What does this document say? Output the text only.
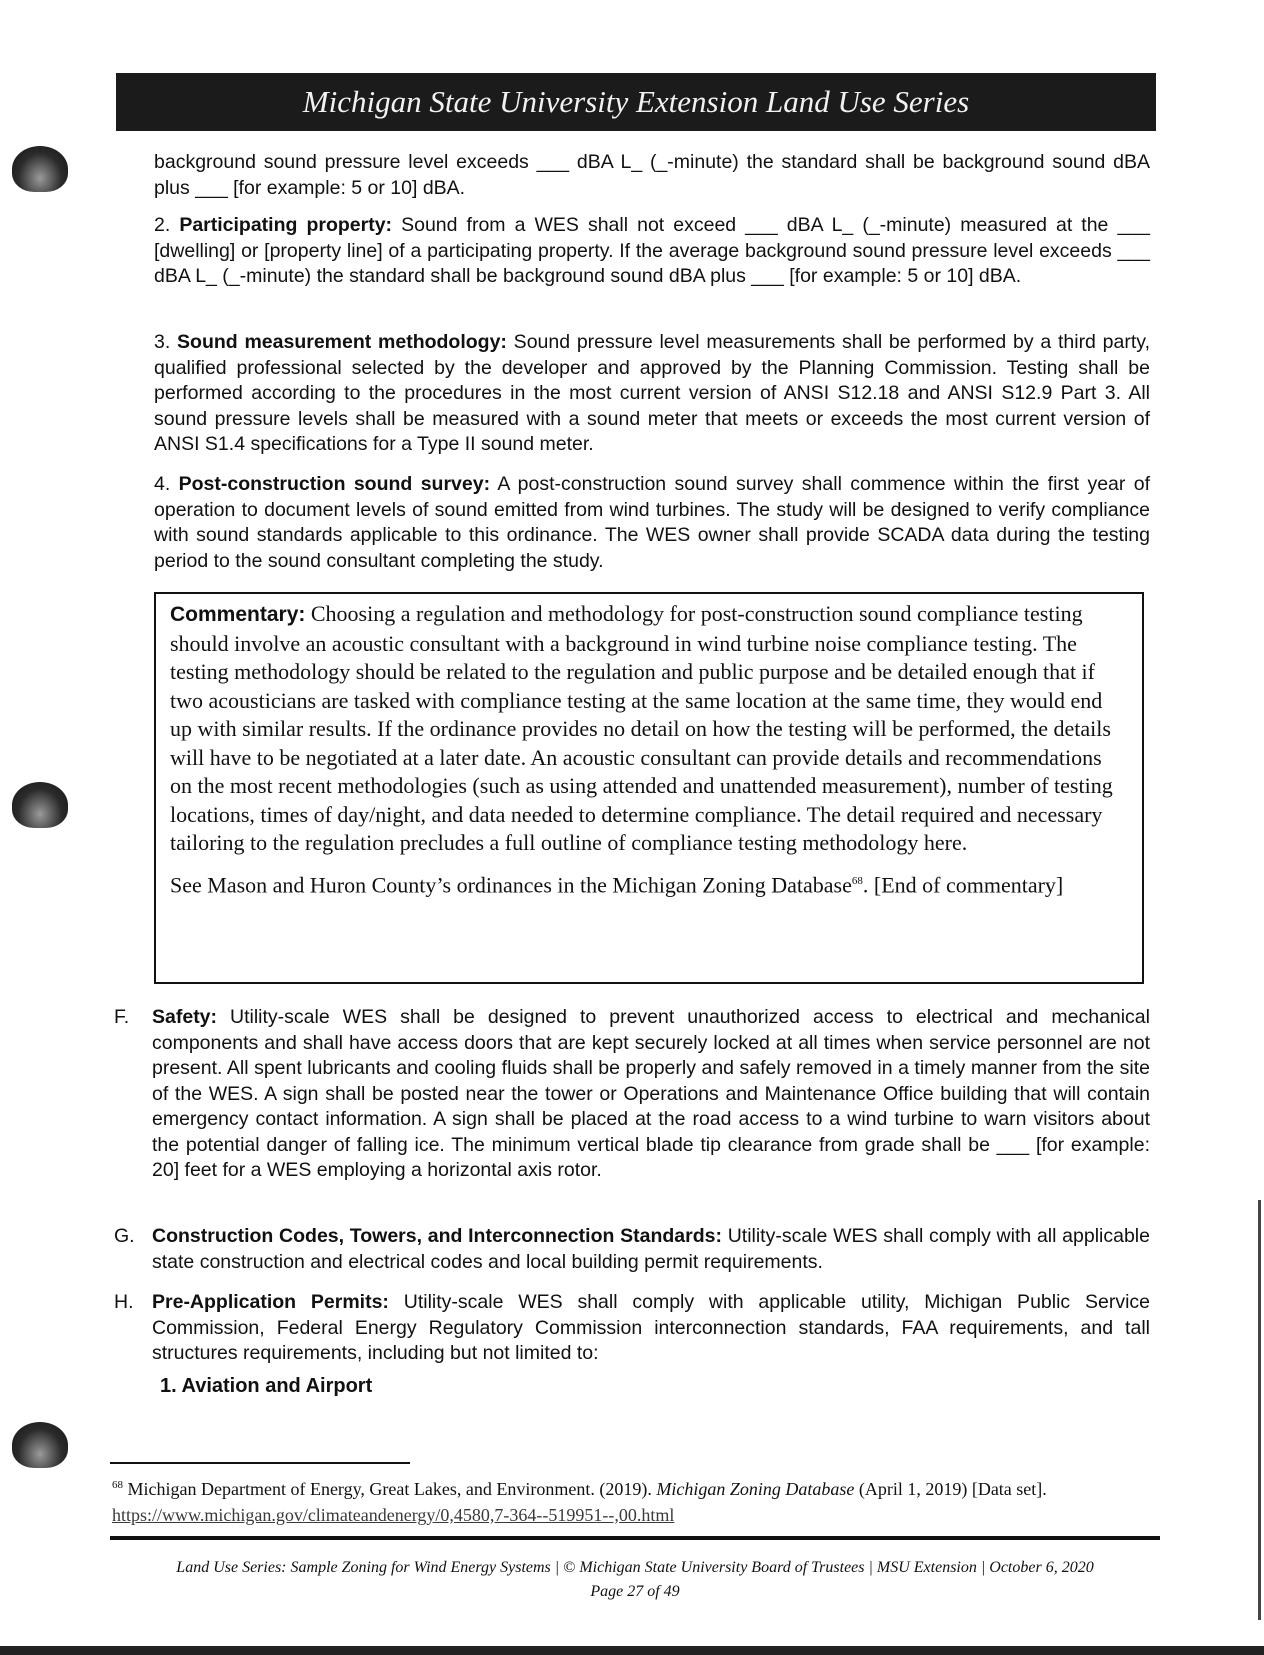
Michigan State University Extension Land Use Series

background sound pressure level exceeds ___ dBA L_ (_-minute) the standard shall be background sound dBA plus ___ [for example: 5 or 10] dBA.

2. Participating property: Sound from a WES shall not exceed ___ dBA L_ (_-minute) measured at the ___ [dwelling] or [property line] of a participating property. If the average background sound pressure level exceeds ___ dBA L_ (_-minute) the standard shall be background sound dBA plus ___ [for example: 5 or 10] dBA.

3. Sound measurement methodology: Sound pressure level measurements shall be performed by a third party, qualified professional selected by the developer and approved by the Planning Commission. Testing shall be performed according to the procedures in the most current version of ANSI S12.18 and ANSI S12.9 Part 3. All sound pressure levels shall be measured with a sound meter that meets or exceeds the most current version of ANSI S1.4 specifications for a Type II sound meter.

4. Post-construction sound survey: A post-construction sound survey shall commence within the first year of operation to document levels of sound emitted from wind turbines. The study will be designed to verify compliance with sound standards applicable to this ordinance. The WES owner shall provide SCADA data during the testing period to the sound consultant completing the study.

Commentary: Choosing a regulation and methodology for post-construction sound compliance testing should involve an acoustic consultant with a background in wind turbine noise compliance testing. The testing methodology should be related to the regulation and public purpose and be detailed enough that if two acousticians are tasked with compliance testing at the same location at the same time, they would end up with similar results. If the ordinance provides no detail on how the testing will be performed, the details will have to be negotiated at a later date. An acoustic consultant can provide details and recommendations on the most recent methodologies (such as using attended and unattended measurement), number of testing locations, times of day/night, and data needed to determine compliance. The detail required and necessary tailoring to the regulation precludes a full outline of compliance testing methodology here.

See Mason and Huron County’s ordinances in the Michigan Zoning Database$^{68}$. [End of commentary]

F. Safety: Utility-scale WES shall be designed to prevent unauthorized access to electrical and mechanical components and shall have access doors that are kept securely locked at all times when service personnel are not present. All spent lubricants and cooling fluids shall be properly and safely removed in a timely manner from the site of the WES. A sign shall be posted near the tower or Operations and Maintenance Office building that will contain emergency contact information. A sign shall be placed at the road access to a wind turbine to warn visitors about the potential danger of falling ice. The minimum vertical blade tip clearance from grade shall be ___ [for example: 20] feet for a WES employing a horizontal axis rotor.
G. Construction Codes, Towers, and Interconnection Standards: Utility-scale WES shall comply with all applicable state construction and electrical codes and local building permit requirements.
H. Pre-Application Permits: Utility-scale WES shall comply with applicable utility, Michigan Public Service Commission, Federal Energy Regulatory Commission interconnection standards, FAA requirements, and tall structures requirements, including but not limited to:
1. Aviation and Airport
$^{68}$ Michigan Department of Energy, Great Lakes, and Environment. (2019). Michigan Zoning Database (April 1, 2019) [Data set].
https://www.michigan.gov/climateandenergy/0,4580,7-364--519951--,00.html
Land Use Series: Sample Zoning for Wind Energy Systems | © Michigan State University Board of Trustees | MSU Extension | October 6, 2020
Page 27 of 49
